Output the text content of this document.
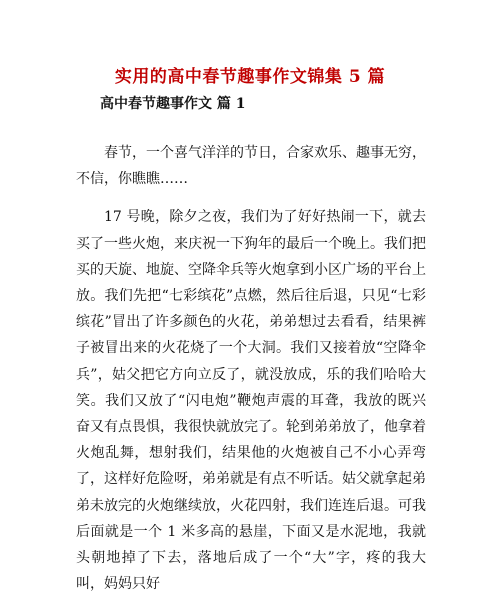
实用的高中春节趣事作文锦集 5 篇
高中春节趣事作文 篇 1

春节，一个喜气洋洋的节日，合家欢乐、趣事无穷，不信，你瞧瞧……

17 号晚，除夕之夜，我们为了好好热闹一下，就去买了一些火炮，来庆祝一下狗年的最后一个晚上。我们把买的天旋、地旋、空降伞兵等火炮拿到小区广场的平台上放。我们先把“七彩缤花”点燃，然后往后退，只见“七彩缤花”冒出了许多颜色的火花，弟弟想过去看看，结果裤子被冒出来的火花烧了一个大洞。我们又接着放“空降伞兵”，姑父把它方向立反了，就没放成，乐的我们哈哈大笑。我们又放了“闪电炮”鞭炮声震的耳聋，我放的既兴奋又有点畏惧，我很快就放完了。轮到弟弟放了，他拿着火炮乱舞，想射我们，结果他的火炮被自己不小心弄弯了，这样好危险呀，弟弟就是有点不听话。姑父就拿起弟弟未放完的火炮继续放，火花四射，我们连连后退。可我后面就是一个 1 米多高的悬崖，下面又是水泥地，我就头朝地掉了下去，落地后成了一个“大”字，疼的我大叫，妈妈只好
